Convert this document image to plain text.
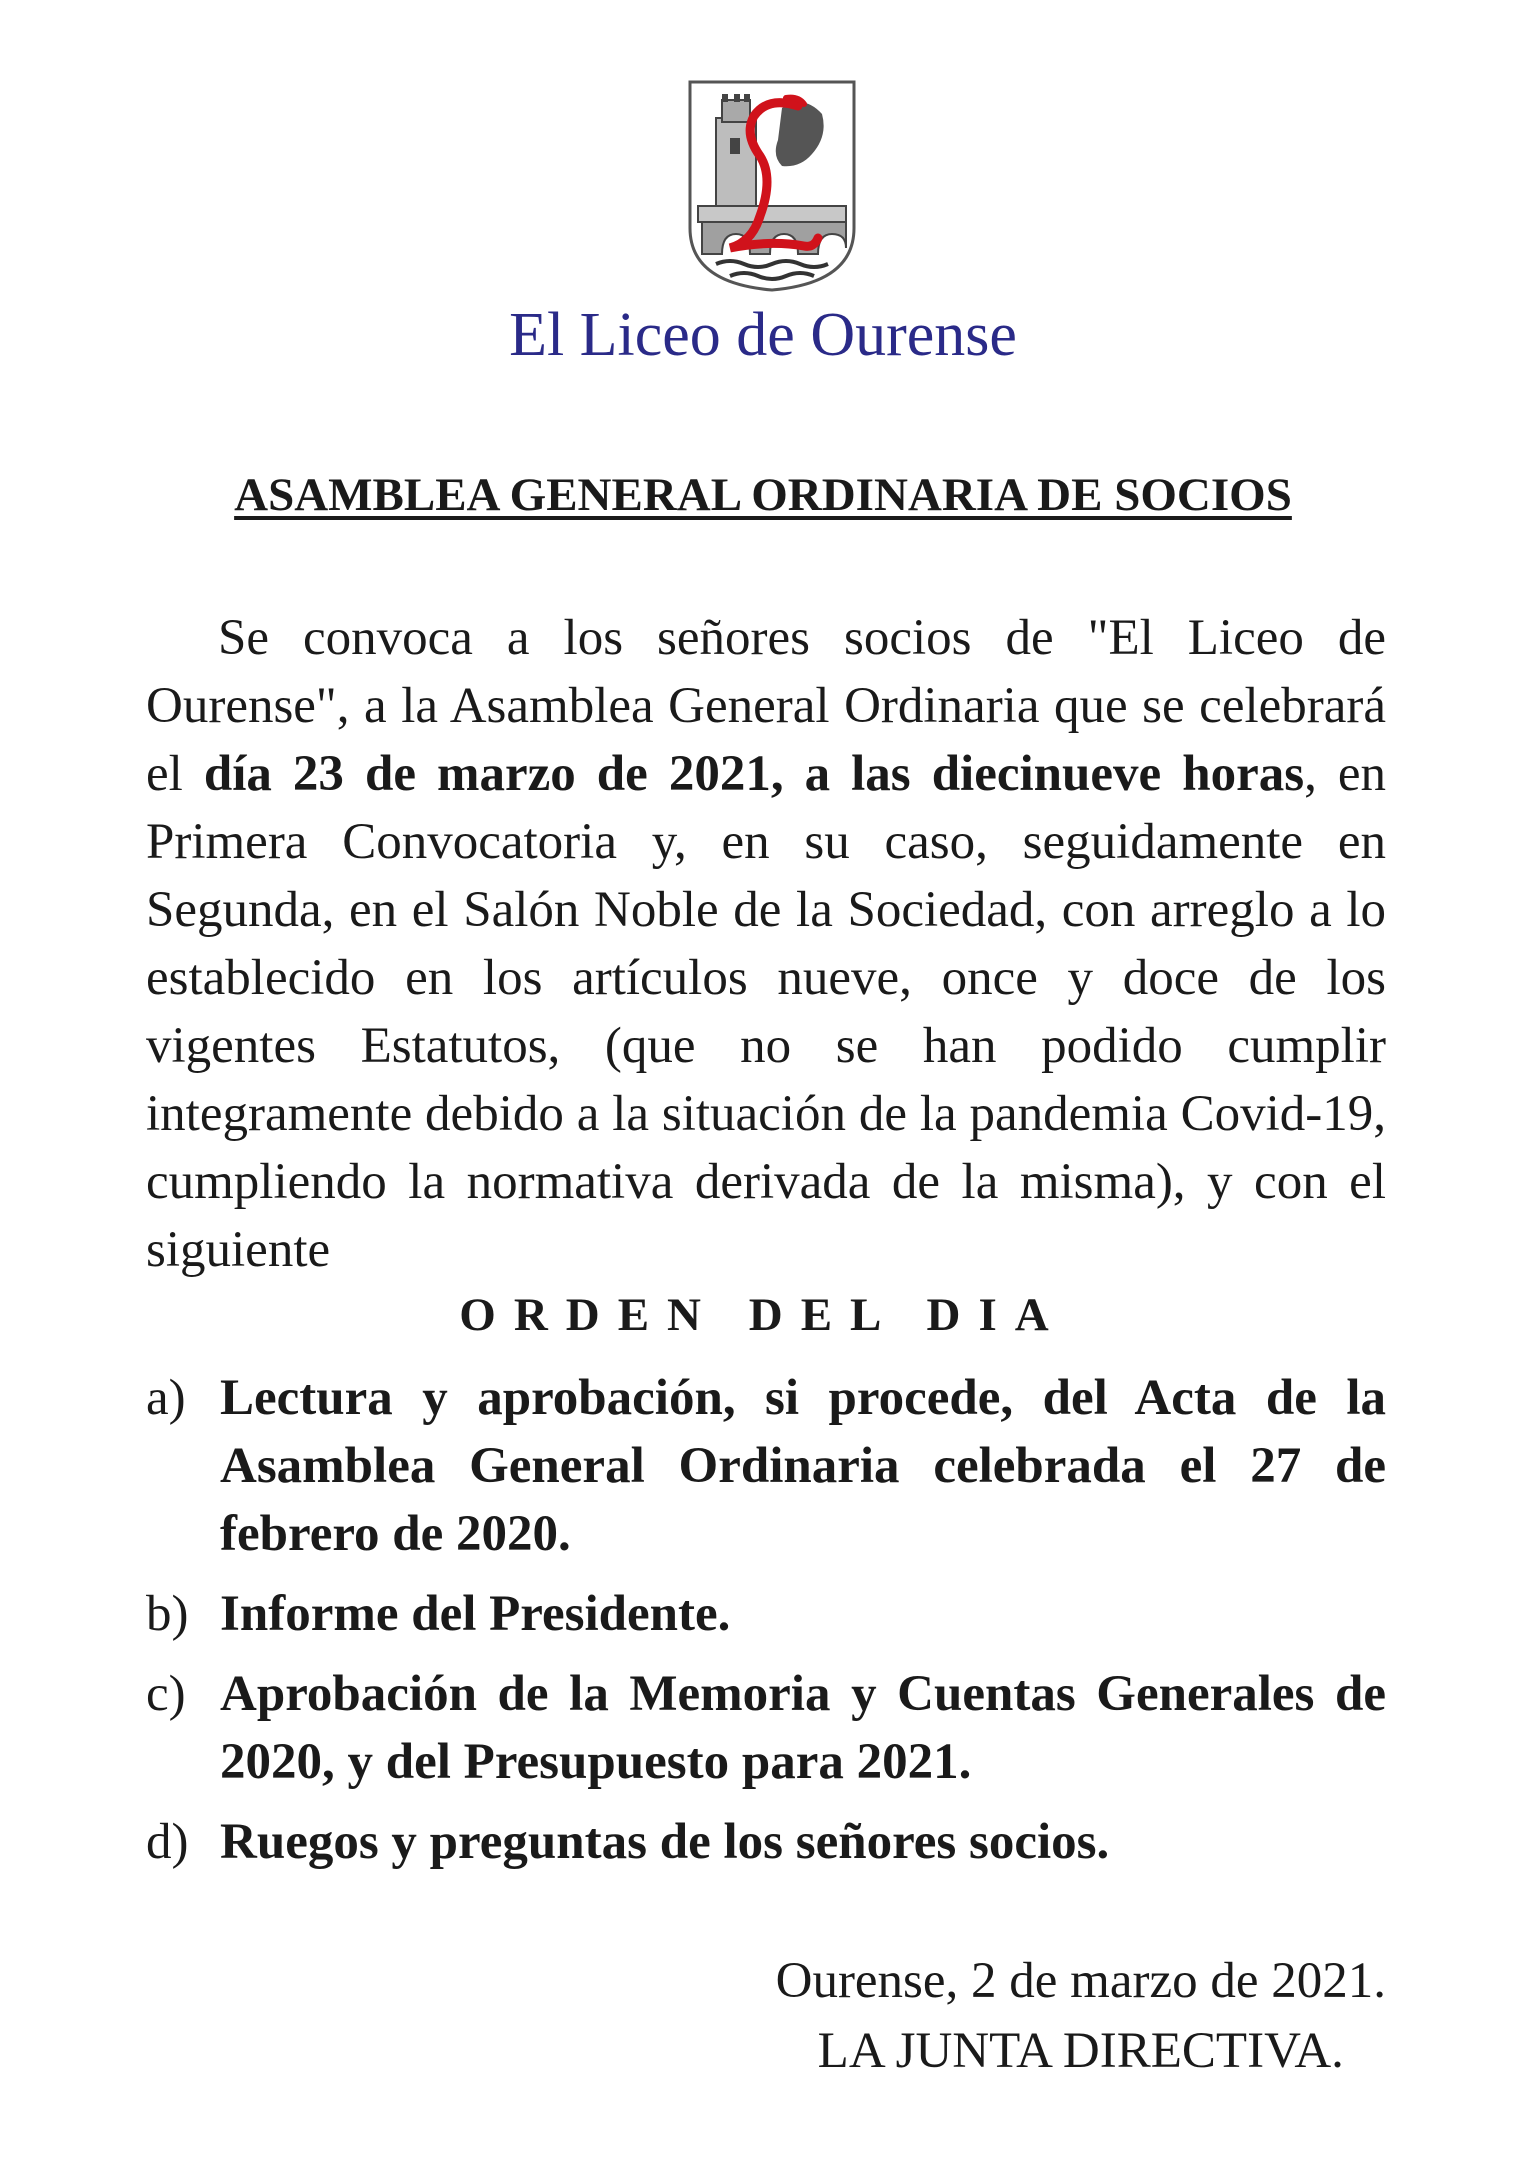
El Liceo de Ourense
ASAMBLEA GENERAL ORDINARIA DE SOCIOS
Se convoca a los señores socios de "El Liceo de Ourense", a la Asamblea General Ordinaria que se celebrará el día 23 de marzo de 2021, a las diecinueve horas, en Primera Convocatoria y, en su caso, seguidamente en Segunda, en el Salón Noble de la Sociedad, con arreglo a lo establecido en los artículos nueve, once y doce de los vigentes Estatutos, (que no se han podido cumplir integramente debido a la situación de la pandemia Covid-19, cumpliendo la normativa derivada de la misma), y con el siguiente
ORDEN DEL DIA
a) Lectura y aprobación, si procede, del Acta de la Asamblea General Ordinaria celebrada el 27 de febrero de 2020.
b) Informe del Presidente.
c) Aprobación de la Memoria y Cuentas Generales de 2020, y del Presupuesto para 2021.
d) Ruegos y preguntas de los señores socios.
Ourense, 2 de marzo de 2021.
LA JUNTA DIRECTIVA.
